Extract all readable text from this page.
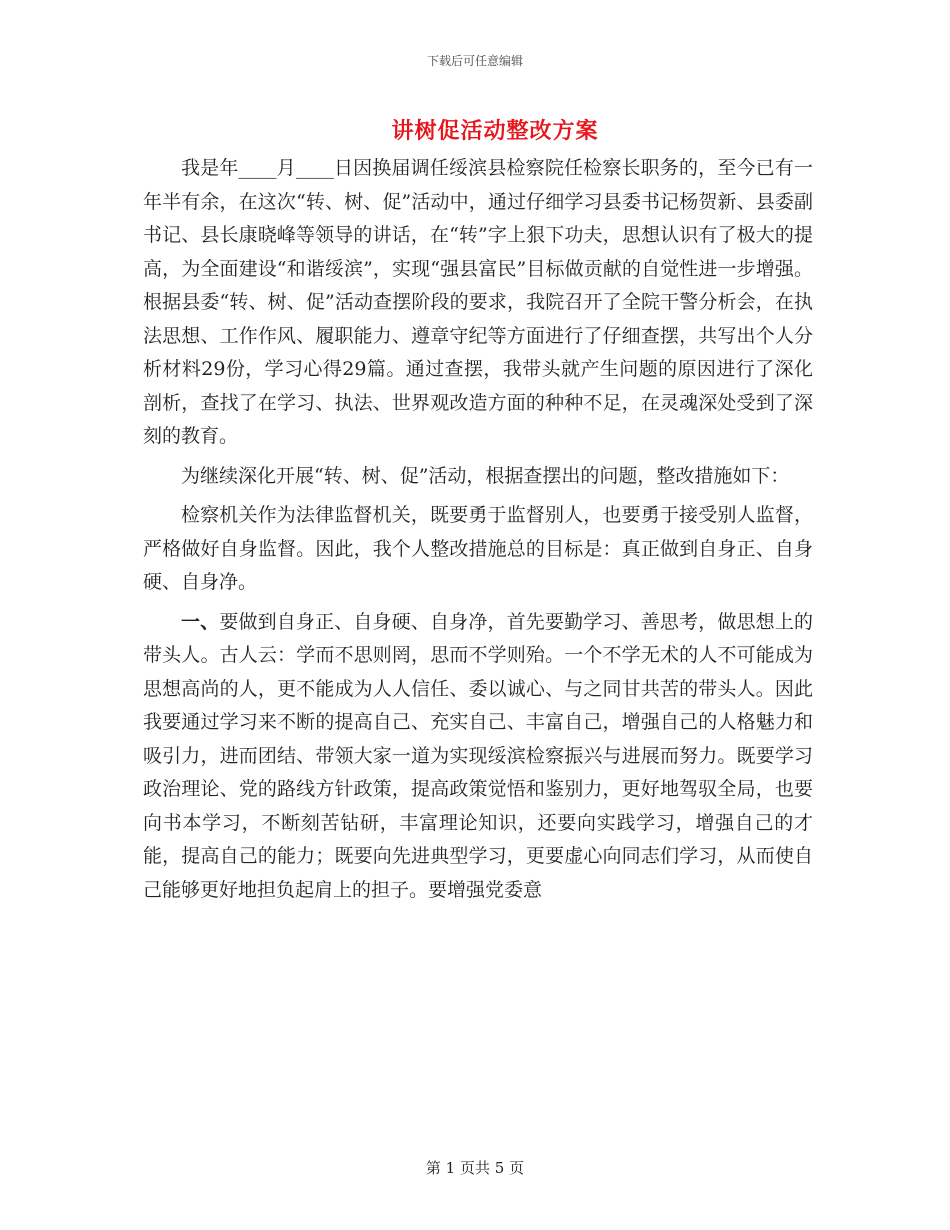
下载后可任意编辑
讲树促活动整改方案

我是年____月____日因换届调任绥滨县检察院任检察长职务的，至今已有一年半有余，在这次“转、树、促”活动中，通过仔细学习县委书记杨贺新、县委副书记、县长康晓峰等领导的讲话，在“转”字上狠下功夫，思想认识有了极大的提高，为全面建设“和谐绥滨”，实现“强县富民”目标做贡献的自觉性进一步增强。根据县委“转、树、促”活动查摆阶段的要求，我院召开了全院干警分析会，在执法思想、工作作风、履职能力、遵章守纪等方面进行了仔细查摆，共写出个人分析材料29份，学习心得29篇。通过查摆，我带头就产生问题的原因进行了深化剖析，查找了在学习、执法、世界观改造方面的种种不足，在灵魂深处受到了深刻的教育。

为继续深化开展“转、树、促”活动，根据查摆出的问题，整改措施如下：

检察机关作为法律监督机关，既要勇于监督别人，也要勇于接受别人监督，严格做好自身监督。因此，我个人整改措施总的目标是：真正做到自身正、自身硬、自身净。

一、要做到自身正、自身硬、自身净，首先要勤学习、善思考，做思想上的带头人。古人云：学而不思则罔，思而不学则殆。一个不学无术的人不可能成为思想高尚的人，更不能成为人人信任、委以诚心、与之同甘共苦的带头人。因此我要通过学习来不断的提高自己、充实自己、丰富自己，增强自己的人格魅力和吸引力，进而团结、带领大家一道为实现绥滨检察振兴与进展而努力。既要学习政治理论、党的路线方针政策，提高政策觉悟和鉴别力，更好地驾驭全局，也要向书本学习，不断刻苦钻研，丰富理论知识，还要向实践学习，增强自己的才能，提高自己的能力；既要向先进典型学习，更要虚心向同志们学习，从而使自己能够更好地担负起肩上的担子。要增强党委意

第 1 页共 5 页
